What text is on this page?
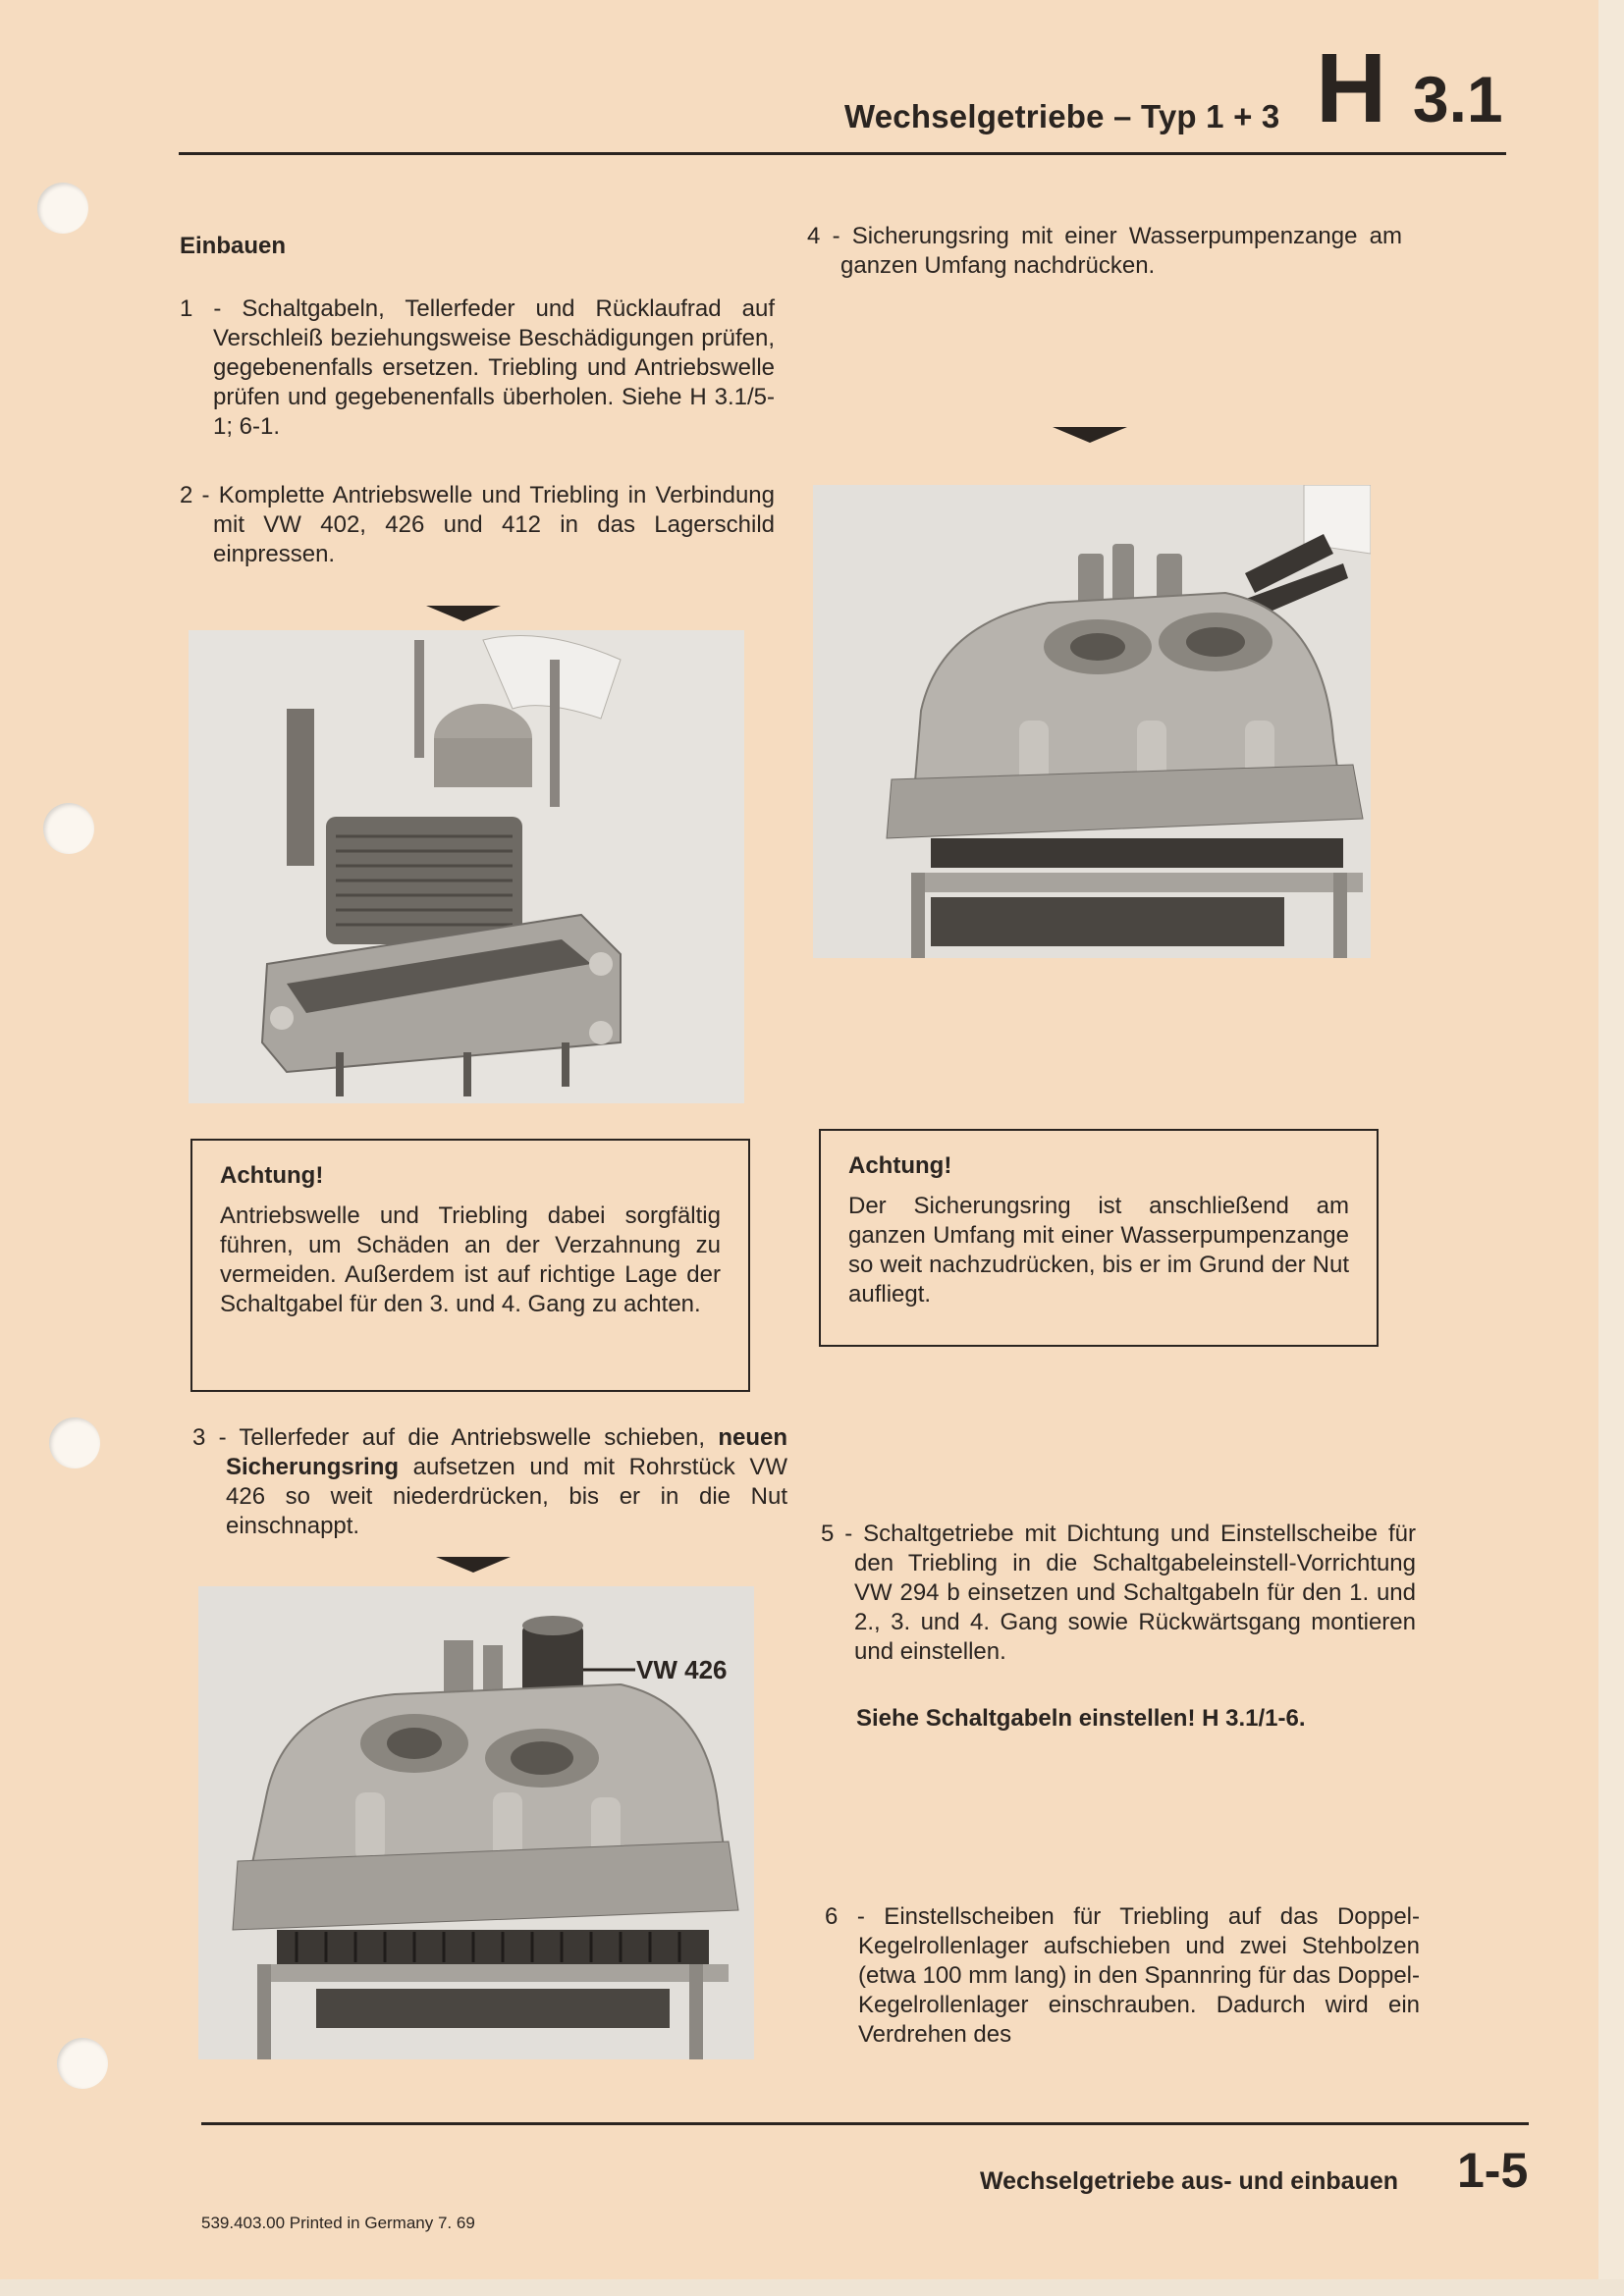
Wechselgetriebe – Typ 1 + 3 H 3.1
Einbauen
1 - Schaltgabeln, Tellerfeder und Rücklaufrad auf Verschleiß beziehungsweise Beschädigungen prüfen, gegebenenfalls ersetzen. Triebling und Antriebswelle prüfen und gegebenenfalls überholen. Siehe H 3.1/5-1; 6-1.
2 - Komplette Antriebswelle und Triebling in Verbindung mit VW 402, 426 und 412 in das Lagerschild einpressen.
Achtung!
Antriebswelle und Triebling dabei sorgfältig führen, um Schäden an der Verzahnung zu vermeiden. Außerdem ist auf richtige Lage der Schaltgabel für den 3. und 4. Gang zu achten.
3 - Tellerfeder auf die Antriebswelle schieben, neuen Sicherungsring aufsetzen und mit Rohrstück VW 426 so weit niederdrücken, bis er in die Nut einschnappt.
VW 426
4 - Sicherungsring mit einer Wasserpumpenzange am ganzen Umfang nachdrücken.
Achtung!
Der Sicherungsring ist anschließend am ganzen Umfang mit einer Wasserpumpenzange so weit nachzudrücken, bis er im Grund der Nut aufliegt.
5 - Schaltgetriebe mit Dichtung und Einstellscheibe für den Triebling in die Schaltgabeleinstell-Vorrichtung VW 294 b einsetzen und Schaltgabeln für den 1. und 2., 3. und 4. Gang sowie Rückwärtsgang montieren und einstellen.
Siehe Schaltgabeln einstellen! H 3.1/1-6.
6 - Einstellscheiben für Triebling auf das Doppel-Kegelrollenlager aufschieben und zwei Stehbolzen (etwa 100 mm lang) in den Spannring für das Doppel-Kegelrollenlager einschrauben. Dadurch wird ein Verdrehen des
Wechselgetriebe aus- und einbauen 1-5
539.403.00 Printed in Germany 7. 69
